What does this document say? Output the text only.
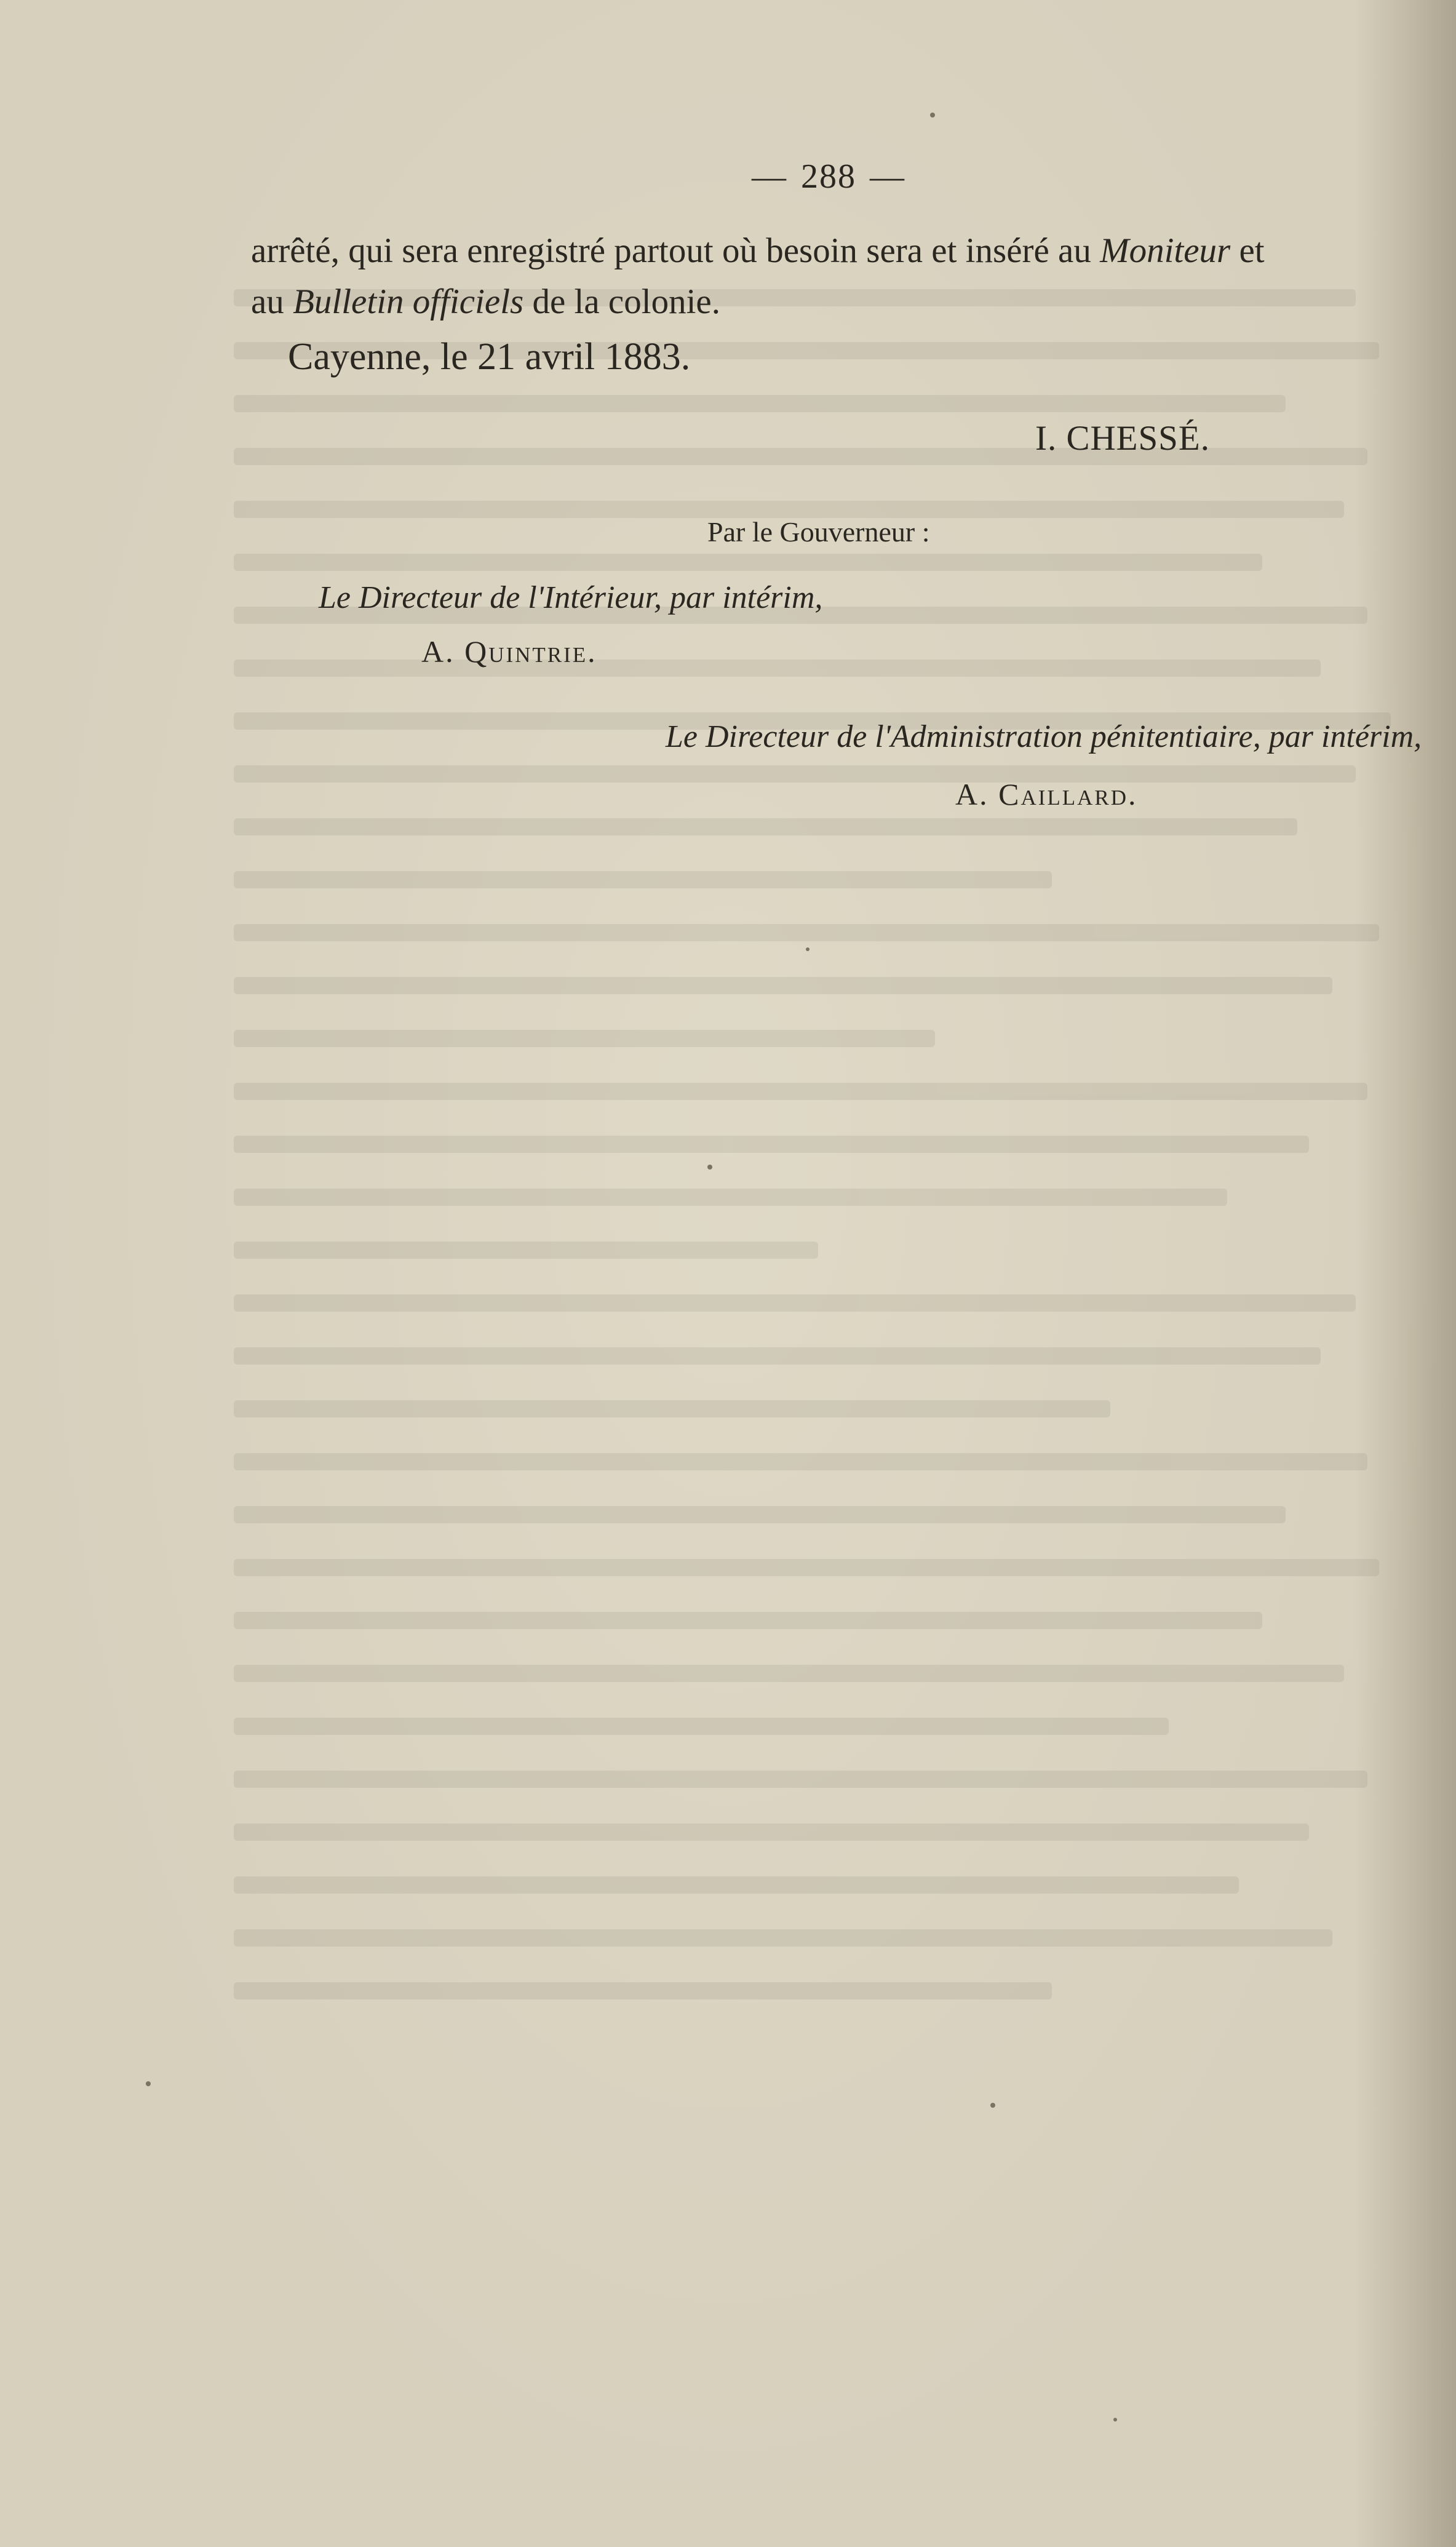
— 288 —
arrêté, qui sera enregistré partout où besoin sera et inséré au Moniteur et
au Bulletin officiels de la colonie.
Cayenne, le 21 avril 1883.
I. CHESSÉ.
Par le Gouverneur :
Le Directeur de l'Intérieur, par intérim,
A. Quintrie.
Le Directeur de l'Administration pénitentiaire, par intérim,
A. Caillard.
